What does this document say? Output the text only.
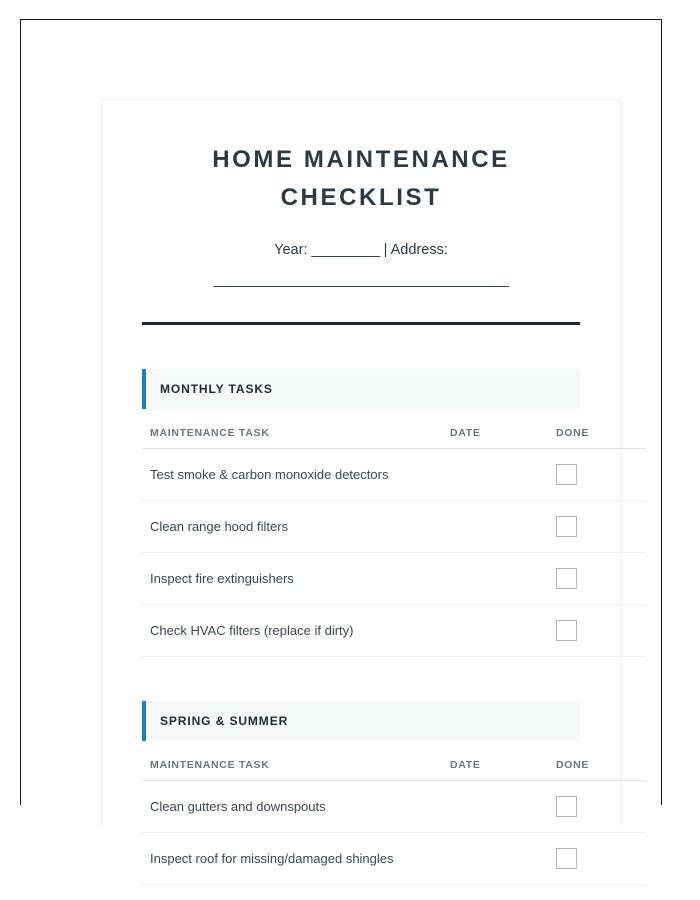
HOME MAINTENANCE CHECKLIST

Year: _________ | Address: _______________________________________

MONTHLY TASKS
MAINTENANCE TASK	DATE	DONE
Test smoke & carbon monoxide detectors		
Clean range hood filters		
Inspect fire extinguishers		
Check HVAC filters (replace if dirty)		
SPRING & SUMMER
MAINTENANCE TASK	DATE	DONE
Clean gutters and downspouts		
Inspect roof for missing/damaged shingles		
